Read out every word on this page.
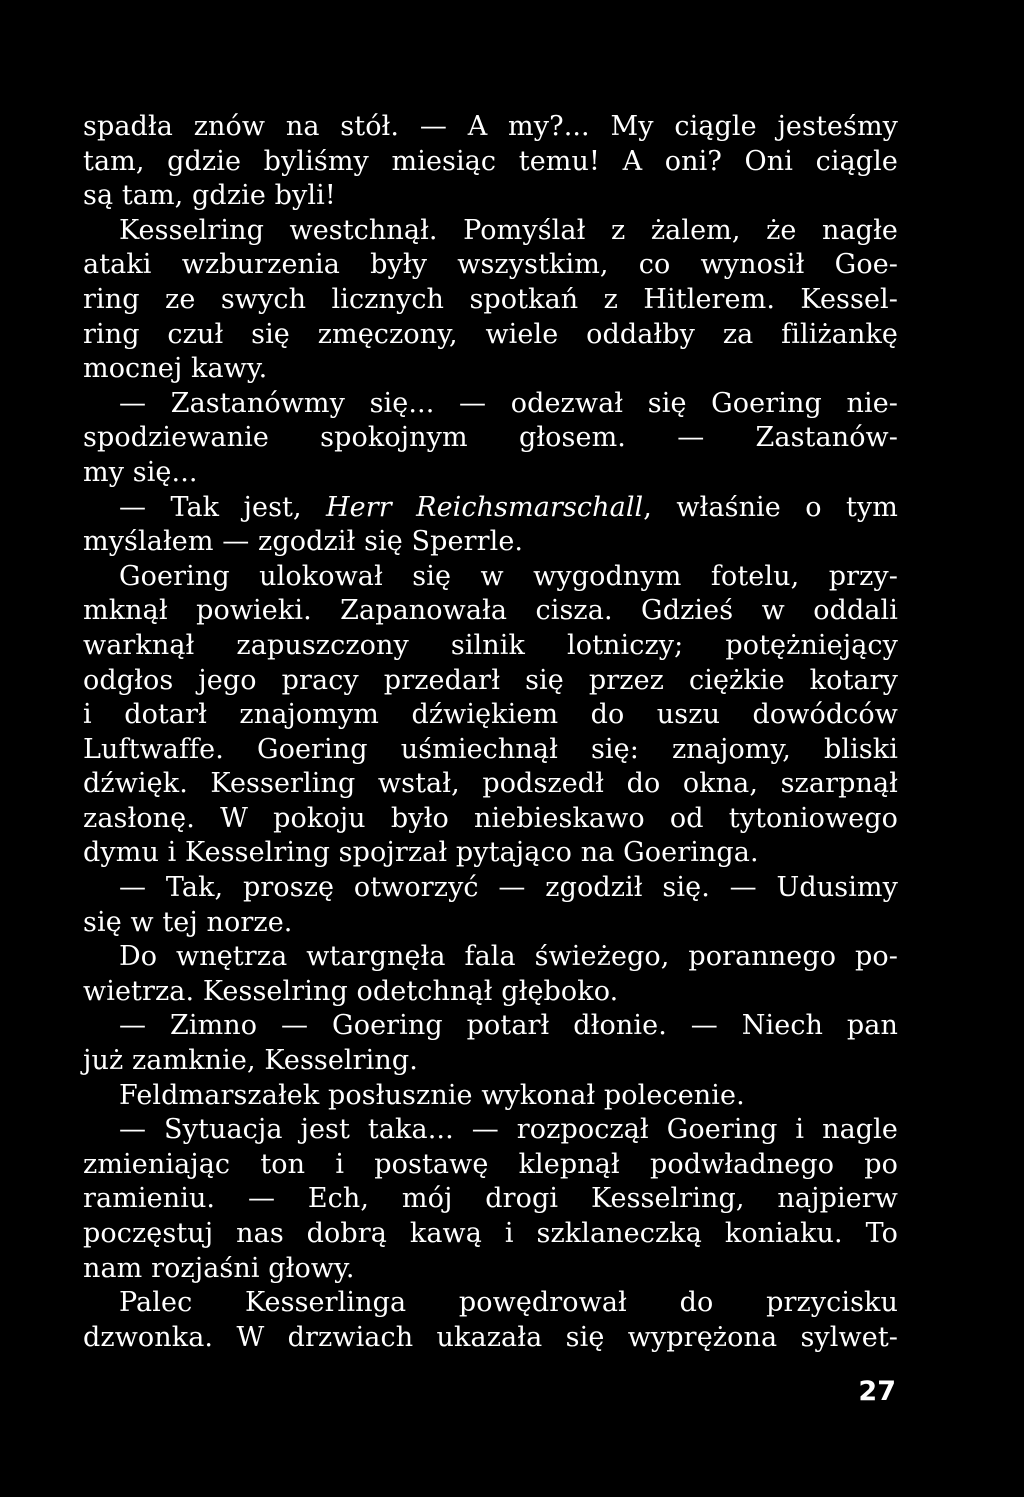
spadła znów na stół. — A my?... My ciągle jesteśmy
tam, gdzie byliśmy miesiąc temu! A oni? Oni ciągle
są tam, gdzie byli!
Kesselring westchnął. Pomyślał z żalem, że nagłe
ataki wzburzenia były wszystkim, co wynosił Goe-
ring ze swych licznych spotkań z Hitlerem. Kessel-
ring czuł się zmęczony, wiele oddałby za filiżankę
mocnej kawy.
— Zastanówmy się... — odezwał się Goering nie-
spodziewanie spokojnym głosem. — Zastanów-
my się...
— Tak jest, Herr Reichsmarschall, właśnie o tym
myślałem — zgodził się Sperrle.
Goering ulokował się w wygodnym fotelu, przy-
mknął powieki. Zapanowała cisza. Gdzieś w oddali
warknął zapuszczony silnik lotniczy; potężniejący
odgłos jego pracy przedarł się przez ciężkie kotary
i dotarł znajomym dźwiękiem do uszu dowódców
Luftwaffe. Goering uśmiechnął się: znajomy, bliski
dźwięk. Kesserling wstał, podszedł do okna, szarpnął
zasłonę. W pokoju było niebieskawo od tytoniowego
dymu i Kesselring spojrzał pytająco na Goeringa.
— Tak, proszę otworzyć — zgodził się. — Udusimy
się w tej norze.
Do wnętrza wtargnęła fala świeżego, porannego po-
wietrza. Kesselring odetchnął głęboko.
— Zimno — Goering potarł dłonie. — Niech pan
już zamknie, Kesselring.
Feldmarszałek posłusznie wykonał polecenie.
— Sytuacja jest taka... — rozpoczął Goering i nagle
zmieniając ton i postawę klepnął podwładnego po
ramieniu. — Ech, mój drogi Kesselring, najpierw
poczęstuj nas dobrą kawą i szklaneczką koniaku. To
nam rozjaśni głowy.
Palec Kesserlinga powędrował do przycisku
dzwonka. W drzwiach ukazała się wyprężona sylwet-
27
